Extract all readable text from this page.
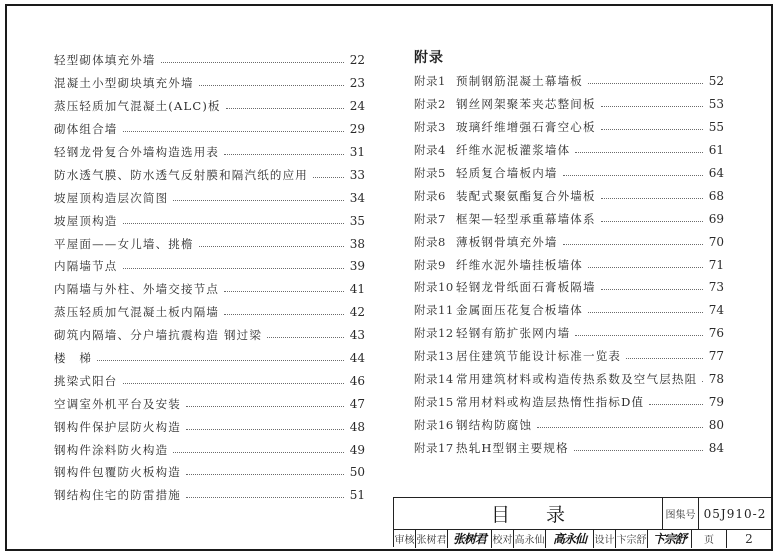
轻型砌体填充外墙	22
混凝土小型砌块填充外墙	23
蒸压轻质加气混凝土(ALC)板	24
砌体组合墙	29
轻钢龙骨复合外墙构造选用表	31
防水透气膜、防水透气反射膜和隔汽纸的应用	33
坡屋顶构造层次简图	34
坡屋顶构造	35
平屋面——女儿墙、挑檐	38
内隔墙节点	39
内隔墙与外柱、外墙交接节点	41
蒸压轻质加气混凝土板内隔墙	42
砌筑内隔墙、分户墙抗震构造 钢过梁	43
楼　梯	44
挑梁式阳台	46
空调室外机平台及安装	47
钢构件保护层防火构造	48
钢构件涂料防火构造	49
钢构件包覆防火板构造	50
钢结构住宅的防雷措施	51
附录
附录1 预制钢筋混凝土幕墙板	52
附录2 钢丝网架聚苯夹芯整间板	53
附录3 玻璃纤维增强石膏空心板	55
附录4 纤维水泥板灌浆墙体	61
附录5 轻质复合墙板内墙	64
附录6 装配式聚氨酯复合外墙板	68
附录7 框架—轻型承重幕墙体系	69
附录8 薄板钢骨填充外墙	70
附录9 纤维水泥外墙挂板墙体	71
附录10 轻钢龙骨纸面石膏板隔墙	73
附录11 金属面压花复合板墙体	74
附录12 轻钢有筋扩张网内墙	76
附录13 居住建筑节能设计标准一览表	77
附录14 常用建筑材料或构造传热系数及空气层热阻 78
附录15 常用材料或构造层热惰性指标D值	79
附录16 钢结构防腐蚀	80
附录17 热轧H型钢主要规格	84
目录	图集号 05J910-2
审核 张树君 张树君 校对 高永仙 高永仙 设计 卞宗舒 卞宗舒	页	2
